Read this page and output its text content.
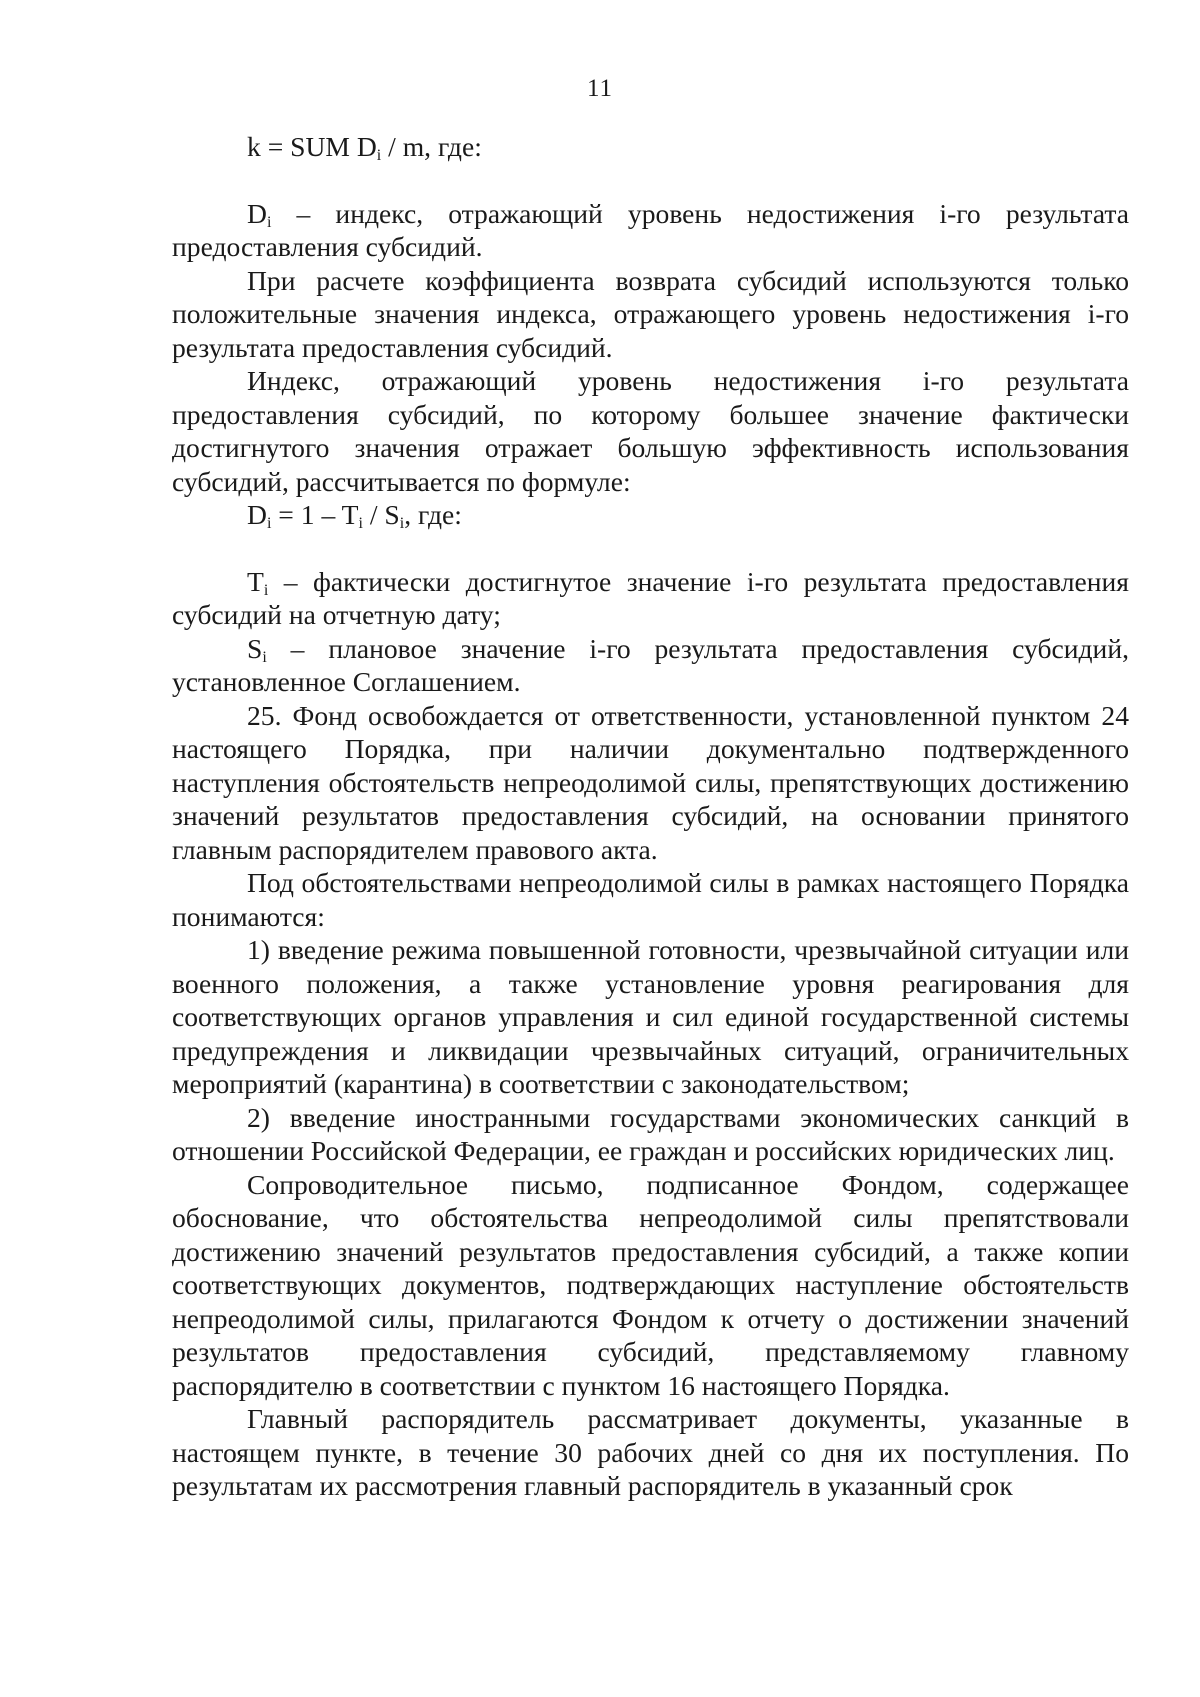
11

k = SUM $D_i$ / m, где:

$D_i$ – индекс, отражающий уровень недостижения i-го результата предоставления субсидий.

При расчете коэффициента возврата субсидий используются только положительные значения индекса, отражающего уровень недостижения i-го результата предоставления субсидий.

Индекс, отражающий уровень недостижения i-го результата предоставления субсидий, по которому большее значение фактически достигнутого значения отражает большую эффективность использования субсидий, рассчитывается по формуле:

$D_i = 1 - T_i / S_i$, где:

$T_i$ – фактически достигнутое значение i-го результата предоставления субсидий на отчетную дату;

$S_i$ – плановое значение i-го результата предоставления субсидий, установленное Соглашением.

25. Фонд освобождается от ответственности, установленной пунктом 24 настоящего Порядка, при наличии документально подтвержденного наступления обстоятельств непреодолимой силы, препятствующих достижению значений результатов предоставления субсидий, на основании принятого главным распорядителем правового акта.

Под обстоятельствами непреодолимой силы в рамках настоящего Порядка понимаются:

1) введение режима повышенной готовности, чрезвычайной ситуации или военного положения, а также установление уровня реагирования для соответствующих органов управления и сил единой государственной системы предупреждения и ликвидации чрезвычайных ситуаций, ограничительных мероприятий (карантина) в соответствии с законодательством;

2) введение иностранными государствами экономических санкций в отношении Российской Федерации, ее граждан и российских юридических лиц.

Сопроводительное письмо, подписанное Фондом, содержащее обоснование, что обстоятельства непреодолимой силы препятствовали достижению значений результатов предоставления субсидий, а также копии соответствующих документов, подтверждающих наступление обстоятельств непреодолимой силы, прилагаются Фондом к отчету о достижении значений результатов предоставления субсидий, представляемому главному распорядителю в соответствии с пунктом 16 настоящего Порядка.

Главный распорядитель рассматривает документы, указанные в настоящем пункте, в течение 30 рабочих дней со дня их поступления. По результатам их рассмотрения главный распорядитель в указанный срок
